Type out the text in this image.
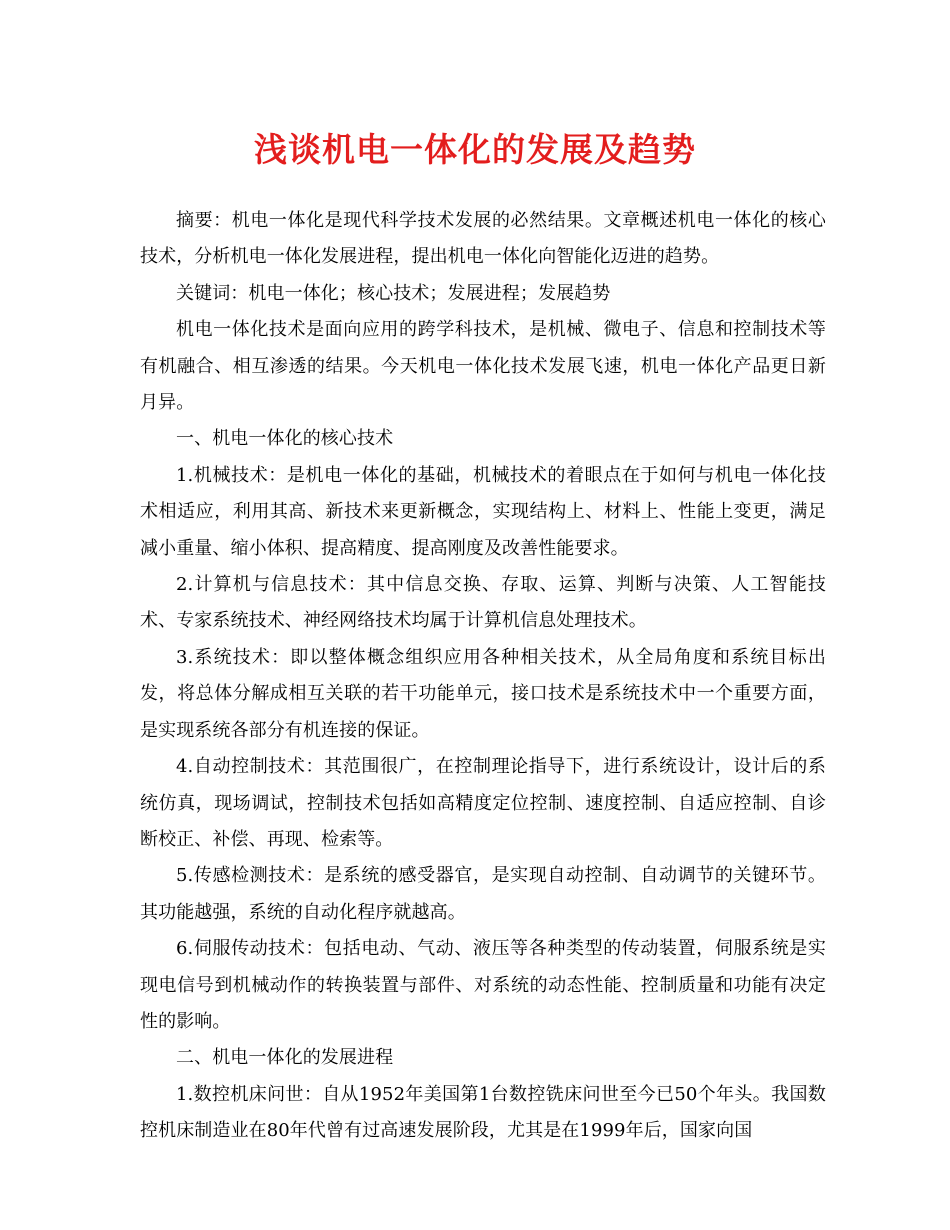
浅谈机电一体化的发展及趋势

摘要：机电一体化是现代科学技术发展的必然结果。文章概述机电一体化的核心技术，分析机电一体化发展进程，提出机电一体化向智能化迈进的趋势。

关键词：机电一体化；核心技术；发展进程；发展趋势

机电一体化技术是面向应用的跨学科技术，是机械、微电子、信息和控制技术等有机融合、相互渗透的结果。今天机电一体化技术发展飞速，机电一体化产品更日新月异。

一、机电一体化的核心技术

1.机械技术：是机电一体化的基础，机械技术的着眼点在于如何与机电一体化技术相适应，利用其高、新技术来更新概念，实现结构上、材料上、性能上变更，满足减小重量、缩小体积、提高精度、提高刚度及改善性能要求。

2.计算机与信息技术：其中信息交换、存取、运算、判断与决策、人工智能技术、专家系统技术、神经网络技术均属于计算机信息处理技术。

3.系统技术：即以整体概念组织应用各种相关技术，从全局角度和系统目标出发，将总体分解成相互关联的若干功能单元，接口技术是系统技术中一个重要方面，是实现系统各部分有机连接的保证。

4.自动控制技术：其范围很广，在控制理论指导下，进行系统设计，设计后的系统仿真，现场调试，控制技术包括如高精度定位控制、速度控制、自适应控制、自诊断校正、补偿、再现、检索等。

5.传感检测技术：是系统的感受器官，是实现自动控制、自动调节的关键环节。其功能越强，系统的自动化程序就越高。

6.伺服传动技术：包括电动、气动、液压等各种类型的传动装置，伺服系统是实现电信号到机械动作的转换装置与部件、对系统的动态性能、控制质量和功能有决定性的影响。

二、机电一体化的发展进程

1.数控机床问世：自从1952年美国第1台数控铣床问世至今已50个年头。我国数控机床制造业在80年代曾有过高速发展阶段，尤其是在1999年后，国家向国
